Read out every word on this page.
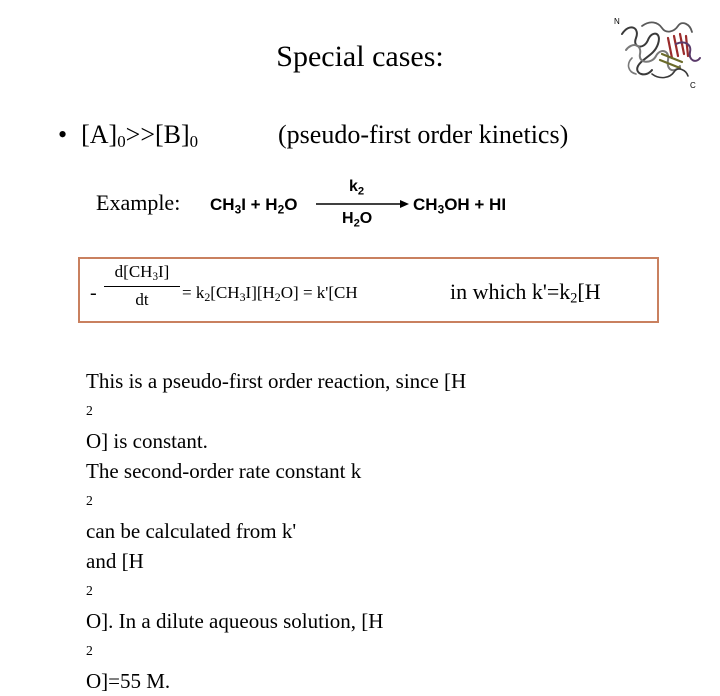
Special cases:
• $[A]_0>>[B]_0$	(pseudo-first order kinetics)
Example: $CH_3I + H_2O$
$k_2$
$H_2O$
$CH_3OH$ + HI
-
$d[CH_3I]$
dt	= $k_2[CH_3I][H_2O] = k'[CH$	in which $k'=k_2[H$
This is a pseudo-first order reaction, since [H
2
O] is constant.
The second-order rate constant k
2
can be calculated from k'
and [H
2
O]. In a dilute aqueous solution, [H
2
O]=55 M.
N
C
